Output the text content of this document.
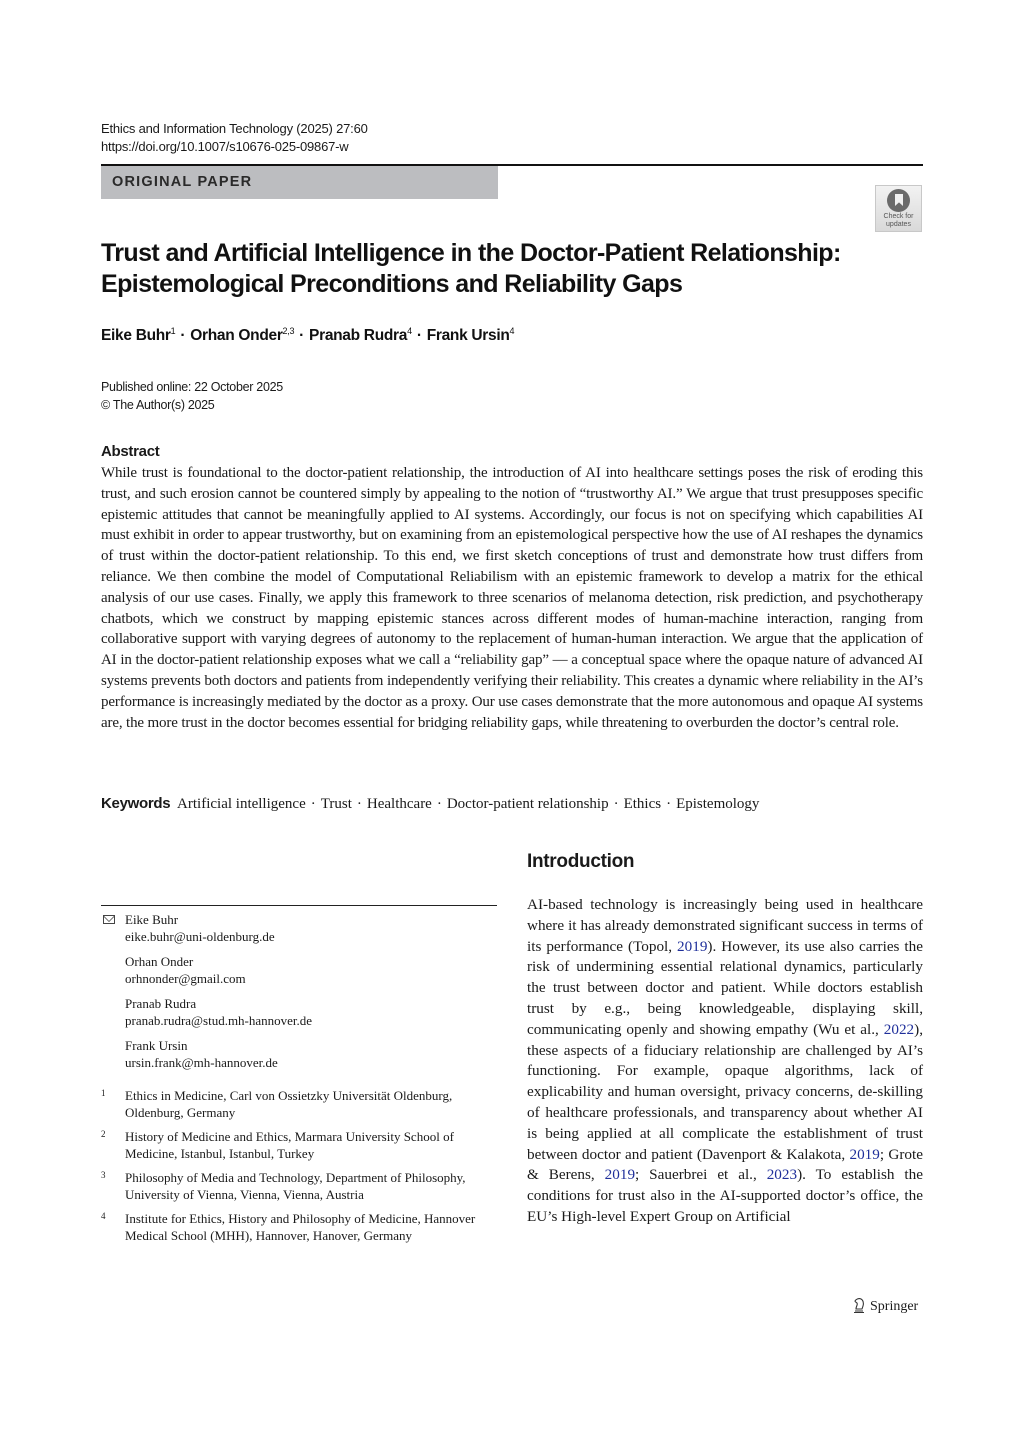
Ethics and Information Technology (2025) 27:60
https://doi.org/10.1007/s10676-025-09867-w
ORIGINAL PAPER
Check for updates
Trust and Artificial Intelligence in the Doctor-Patient Relationship: Epistemological Preconditions and Reliability Gaps
Eike Buhr$^1$ · Orhan Onder$^{2,3}$ · Pranab Rudra$^4$ · Frank Ursin$^4$
Published online: 22 October 2025
© The Author(s) 2025
Abstract
While trust is foundational to the doctor-patient relationship, the introduction of AI into healthcare settings poses the risk of eroding this trust, and such erosion cannot be countered simply by appealing to the notion of “trustworthy AI.” We argue that trust presupposes specific epistemic attitudes that cannot be meaningfully applied to AI systems. Accordingly, our focus is not on specifying which capabilities AI must exhibit in order to appear trustworthy, but on examining from an epistemological perspective how the use of AI reshapes the dynamics of trust within the doctor-patient relationship. To this end, we first sketch conceptions of trust and demonstrate how trust differs from reliance. We then combine the model of Computational Reliabilism with an epistemic framework to develop a matrix for the ethical analysis of our use cases. Finally, we apply this framework to three scenarios of melanoma detection, risk prediction, and psychotherapy chatbots, which we construct by mapping epistemic stances across different modes of human-machine interaction, ranging from collaborative support with varying degrees of autonomy to the replacement of human-human interaction. We argue that the application of AI in the doctor-patient relationship exposes what we call a “reliability gap” — a conceptual space where the opaque nature of advanced AI systems prevents both doctors and patients from independently verifying their reliability. This creates a dynamic where reliability in the AI’s performance is increasingly mediated by the doctor as a proxy. Our use cases demonstrate that the more autonomous and opaque AI systems are, the more trust in the doctor becomes essential for bridging reliability gaps, while threatening to overburden the doctor’s central role.
Keywords Artificial intelligence · Trust · Healthcare · Doctor-patient relationship · Ethics · Epistemology
Eike Buhr
eike.buhr@uni-oldenburg.de
Orhan Onder
orhnonder@gmail.com
Pranab Rudra
pranab.rudra@stud.mh-hannover.de
Frank Ursin
ursin.frank@mh-hannover.de
1 Ethics in Medicine, Carl von Ossietzky Universität Oldenburg, Oldenburg, Germany
2 History of Medicine and Ethics, Marmara University School of Medicine, Istanbul, Istanbul, Turkey
3 Philosophy of Media and Technology, Department of Philosophy, University of Vienna, Vienna, Vienna, Austria
4 Institute for Ethics, History and Philosophy of Medicine, Hannover Medical School (MHH), Hannover, Hanover, Germany
Introduction
AI-based technology is increasingly being used in healthcare where it has already demonstrated significant success in terms of its performance (Topol, 2019). However, its use also carries the risk of undermining essential relational dynamics, particularly the trust between doctor and patient. While doctors establish trust by e.g., being knowledgeable, displaying skill, communicating openly and showing empathy (Wu et al., 2022), these aspects of a fiduciary relationship are challenged by AI’s functioning. For example, opaque algorithms, lack of explicability and human oversight, privacy concerns, de-skilling of healthcare professionals, and transparency about whether AI is being applied at all complicate the establishment of trust between doctor and patient (Davenport & Kalakota, 2019; Grote & Berens, 2019; Sauerbrei et al., 2023). To establish the conditions for trust also in the AI-supported doctor’s office, the EU’s High-level Expert Group on Artificial
Springer
